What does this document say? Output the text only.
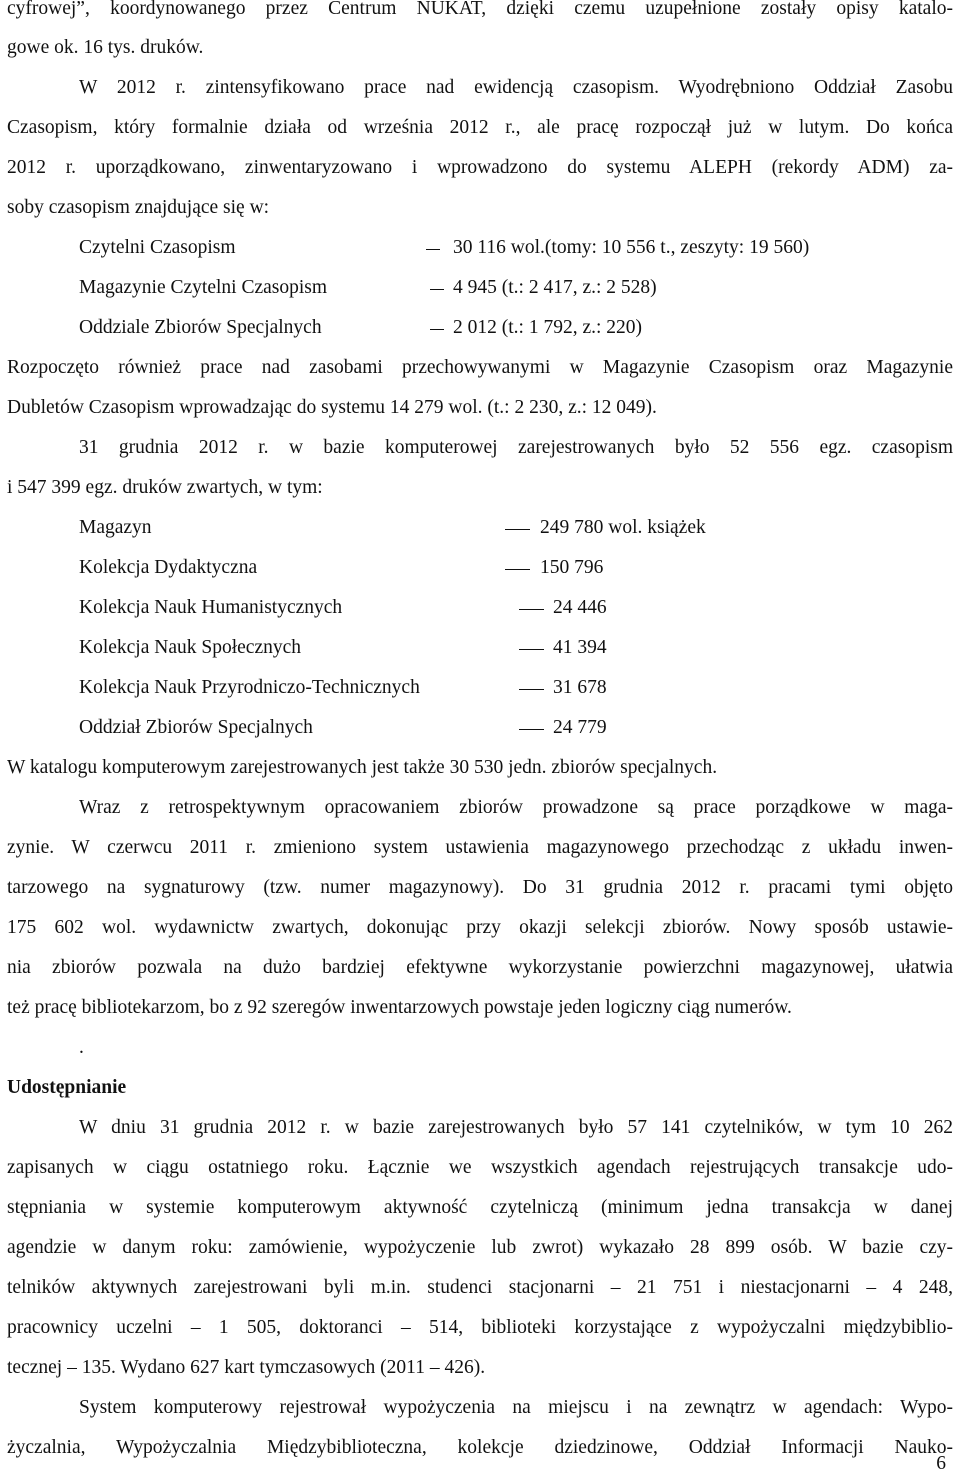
cyfrowej”, koordynowanego przez Centrum NUKAT, dzięki czemu uzupełnione zostały opisy katalo-
gowe ok. 16 tys. druków.
W 2012 r. zintensyfikowano prace nad ewidencją czasopism. Wyodrębniono Oddział Zasobu
Czasopism, który formalnie działa od września 2012 r., ale pracę rozpoczął już w lutym. Do końca
2012 r. uporządkowano, zinwentaryzowano i wprowadzono do systemu ALEPH (rekordy ADM) za-
soby czasopism znajdujące się w:
Czytelni Czasopism	30 116 wol.(tomy: 10 556 t., zeszyty: 19 560)
Magazynie Czytelni Czasopism	4 945 (t.: 2 417, z.: 2 528)
Oddziale Zbiorów Specjalnych	2 012 (t.: 1 792, z.: 220)
Rozpoczęto również prace nad zasobami przechowywanymi w Magazynie Czasopism oraz Magazynie
Dubletów Czasopism wprowadzając do systemu 14 279 wol. (t.: 2 230, z.: 12 049).
31 grudnia 2012 r. w bazie komputerowej zarejestrowanych było 52 556 egz. czasopism
i 547 399 egz. druków zwartych, w tym:
Magazyn	249 780 wol. książek
Kolekcja Dydaktyczna	150 796
Kolekcja Nauk Humanistycznych	24 446
Kolekcja Nauk Społecznych	41 394
Kolekcja Nauk Przyrodniczo-Technicznych	31 678
Oddział Zbiorów Specjalnych	24 779
W katalogu komputerowym zarejestrowanych jest także 30 530 jedn. zbiorów specjalnych.
Wraz z retrospektywnym opracowaniem zbiorów prowadzone są prace porządkowe w maga-
zynie. W czerwcu 2011 r. zmieniono system ustawienia magazynowego przechodząc z układu inwen-
tarzowego na sygnaturowy (tzw. numer magazynowy). Do 31 grudnia 2012 r. pracami tymi objęto
175 602 wol. wydawnictw zwartych, dokonując przy okazji selekcji zbiorów. Nowy sposób ustawie-
nia zbiorów pozwala na dużo bardziej efektywne wykorzystanie powierzchni magazynowej, ułatwia
też pracę bibliotekarzom, bo z 92 szeregów inwentarzowych powstaje jeden logiczny ciąg numerów.
.
Udostępnianie
W dniu 31 grudnia 2012 r. w bazie zarejestrowanych było 57 141 czytelników, w tym 10 262
zapisanych w ciągu ostatniego roku. Łącznie we wszystkich agendach rejestrujących transakcje udo-
stępniania w systemie komputerowym aktywność czytelniczą (minimum jedna transakcja w danej
agendzie w danym roku: zamówienie, wypożyczenie lub zwrot) wykazało 28 899 osób. W bazie czy-
telników aktywnych zarejestrowani byli m.in. studenci stacjonarni – 21 751 i niestacjonarni – 4 248,
pracownicy uczelni – 1 505, doktoranci – 514, biblioteki korzystające z wypożyczalni międzybiblio-
tecznej – 135. Wydano 627 kart tymczasowych (2011 – 426).
System komputerowy rejestrował wypożyczenia na miejscu i na zewnątrz w agendach: Wypo-
życzalnia, Wypożyczalnia Międzybiblioteczna, kolekcje dziedzinowe, Oddział Informacji Nauko-
6
